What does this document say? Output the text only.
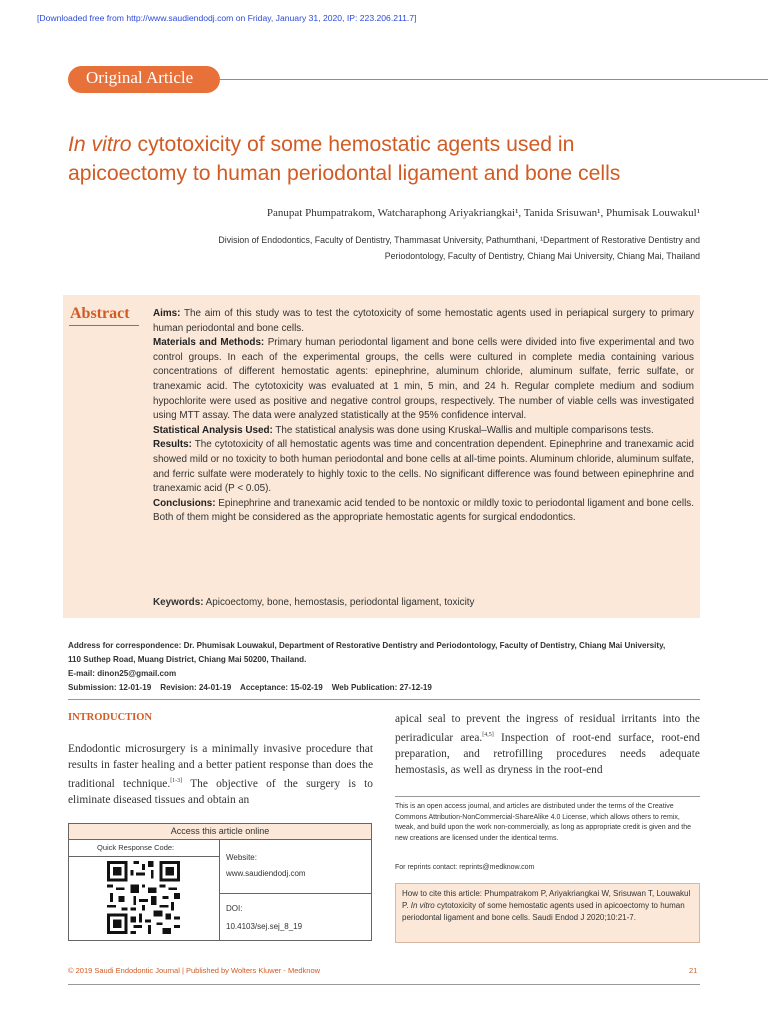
[Downloaded free from http://www.saudiendodj.com on Friday, January 31, 2020, IP: 223.206.211.7]
Original Article
In vitro cytotoxicity of some hemostatic agents used in
apicoectomy to human periodontal ligament and bone cells
Panupat Phumpatrakom, Watcharaphong Ariyakriangkai¹, Tanida Srisuwan¹, Phumisak Louwakul¹
Division of Endodontics, Faculty of Dentistry, Thammasat University, Pathumthani, ¹Department of Restorative Dentistry and
Periodontology, Faculty of Dentistry, Chiang Mai University, Chiang Mai, Thailand
Abstract Aims: The aim of this study was to test the cytotoxicity of some hemostatic agents used in periapical surgery to primary human periodontal and bone cells.

Materials and Methods: Primary human periodontal ligament and bone cells were divided into five experimental and two control groups. In each of the experimental groups, the cells were cultured in complete media containing various concentrations of different hemostatic agents: epinephrine, aluminum chloride, aluminum sulfate, ferric sulfate, or tranexamic acid. The cytotoxicity was evaluated at 1 min, 5 min, and 24 h. Regular complete medium and sodium hypochlorite were used as positive and negative control groups, respectively. The number of viable cells was investigated using MTT assay. The data were analyzed statistically at the 95% confidence interval.

Statistical Analysis Used: The statistical analysis was done using Kruskal–Wallis and multiple comparisons tests.

Results: The cytotoxicity of all hemostatic agents was time and concentration dependent. Epinephrine and tranexamic acid showed mild or no toxicity to both human periodontal and bone cells at all-time points. Aluminum chloride, aluminum sulfate, and ferric sulfate were moderately to highly toxic to the cells. No significant difference was found between epinephrine and tranexamic acid (P < 0.05).

Conclusions: Epinephrine and tranexamic acid tended to be nontoxic or mildly toxic to periodontal ligament and bone cells. Both of them might be considered as the appropriate hemostatic agents for surgical endodontics.

Keywords: Apicoectomy, bone, hemostasis, periodontal ligament, toxicity
Address for correspondence: Dr. Phumisak Louwakul, Department of Restorative Dentistry and Periodontology, Faculty of Dentistry, Chiang Mai University,
110 Suthep Road, Muang District, Chiang Mai 50200, Thailand.
E-mail: dinon25@gmail.com
Submission: 12-01-19 Revision: 24-01-19 Acceptance: 15-02-19 Web Publication: 27-12-19
INTRODUCTION
Endodontic microsurgery is a minimally invasive procedure that results in faster healing and a better patient response than does the traditional technique.[1-3] The objective of the surgery is to eliminate diseased tissues and obtain an
apical seal to prevent the ingress of residual irritants into the periradicular area.[4,5] Inspection of root-end surface, root-end preparation, and retrofilling procedures needs adequate hemostasis, as well as dryness in the root-end
This is an open access journal, and articles are distributed under the terms of the Creative Commons Attribution-NonCommercial-ShareAlike 4.0 License, which allows others to remix, tweak, and build upon the work non-commercially, as long as appropriate credit is given and the new creations are licensed under the identical terms.
For reprints contact: reprints@medknow.com
How to cite this article: Phumpatrakom P, Ariyakriangkai W, Srisuwan T, Louwakul P. In vitro cytotoxicity of some hemostatic agents used in apicoectomy to human periodontal ligament and bone cells. Saudi Endod J 2020;10:21-7.
Access this article online
Quick Response Code:
Website:
www.saudiendodj.com
DOI:
10.4103/sej.sej_8_19
© 2019 Saudi Endodontic Journal | Published by Wolters Kluwer - Medknow	21
